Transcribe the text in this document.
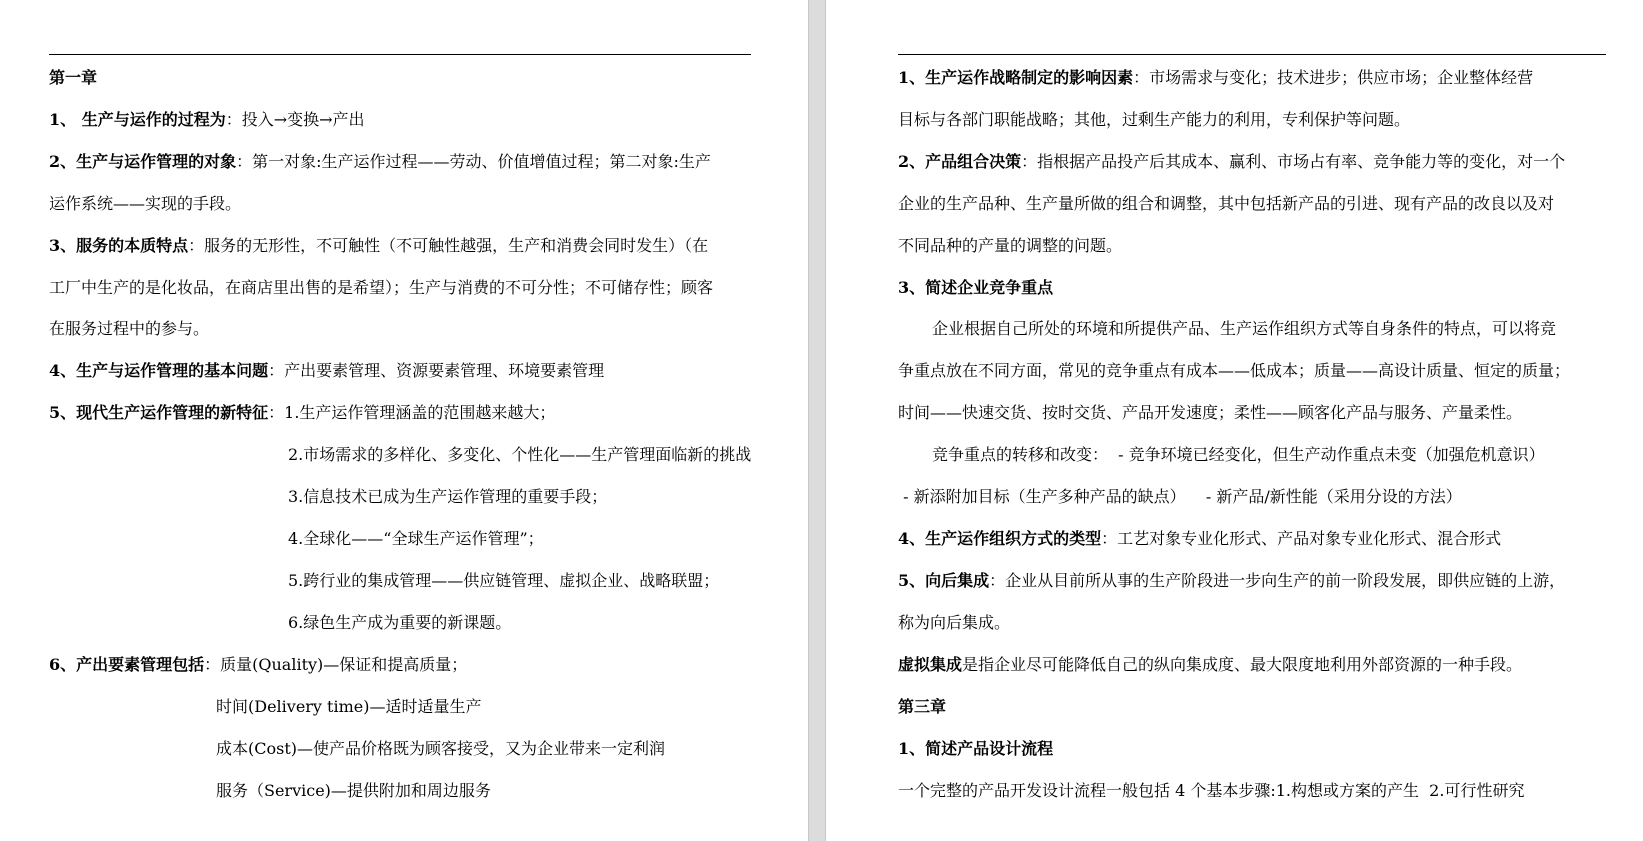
第一章
1、 生产与运作的过程为：投入→变换→产出
2、生产与运作管理的对象：第一对象:生产运作过程——劳动、价值增值过程；第二对象:生产
运作系统——实现的手段。
3、服务的本质特点：服务的无形性，不可触性（不可触性越强，生产和消费会同时发生）（在
工厂中生产的是化妆品，在商店里出售的是希望）；生产与消费的不可分性；不可储存性；顾客
在服务过程中的参与。
4、生产与运作管理的基本问题：产出要素管理、资源要素管理、环境要素管理
5、现代生产运作管理的新特征：1.生产运作管理涵盖的范围越来越大；
2.市场需求的多样化、多变化、个性化——生产管理面临新的挑战
3.信息技术已成为生产运作管理的重要手段；
4.全球化——“全球生产运作管理”；
5.跨行业的集成管理——供应链管理、虚拟企业、战略联盟；
6.绿色生产成为重要的新课题。
6、产出要素管理包括：质量(Quality)—保证和提高质量；
时间(Delivery time)—适时适量生产
成本(Cost)—使产品价格既为顾客接受，又为企业带来一定利润
服务（Service)—提供附加和周边服务
1、生产运作战略制定的影响因素：市场需求与变化；技术进步；供应市场；企业整体经营
目标与各部门职能战略；其他，过剩生产能力的利用，专利保护等问题。
2、产品组合决策：指根据产品投产后其成本、赢利、市场占有率、竞争能力等的变化，对一个
企业的生产品种、生产量所做的组合和调整，其中包括新产品的引进、现有产品的改良以及对
不同品种的产量的调整的问题。
3、简述企业竞争重点
企业根据自己所处的环境和所提供产品、生产运作组织方式等自身条件的特点，可以将竞
争重点放在不同方面，常见的竞争重点有成本——低成本；质量——高设计质量、恒定的质量；
时间——快速交货、按时交货、产品开发速度；柔性——顾客化产品与服务、产量柔性。
竞争重点的转移和改变：  - 竞争环境已经变化，但生产动作重点未变（加强危机意识）
- 新添附加目标（生产多种产品的缺点）    - 新产品/新性能（采用分设的方法）
4、生产运作组织方式的类型：工艺对象专业化形式、产品对象专业化形式、混合形式
5、向后集成：企业从目前所从事的生产阶段进一步向生产的前一阶段发展，即供应链的上游，
称为向后集成。
虚拟集成是指企业尽可能降低自己的纵向集成度、最大限度地利用外部资源的一种手段。
第三章
1、简述产品设计流程
一个完整的产品开发设计流程一般包括 4 个基本步骤:1.构想或方案的产生  2.可行性研究
